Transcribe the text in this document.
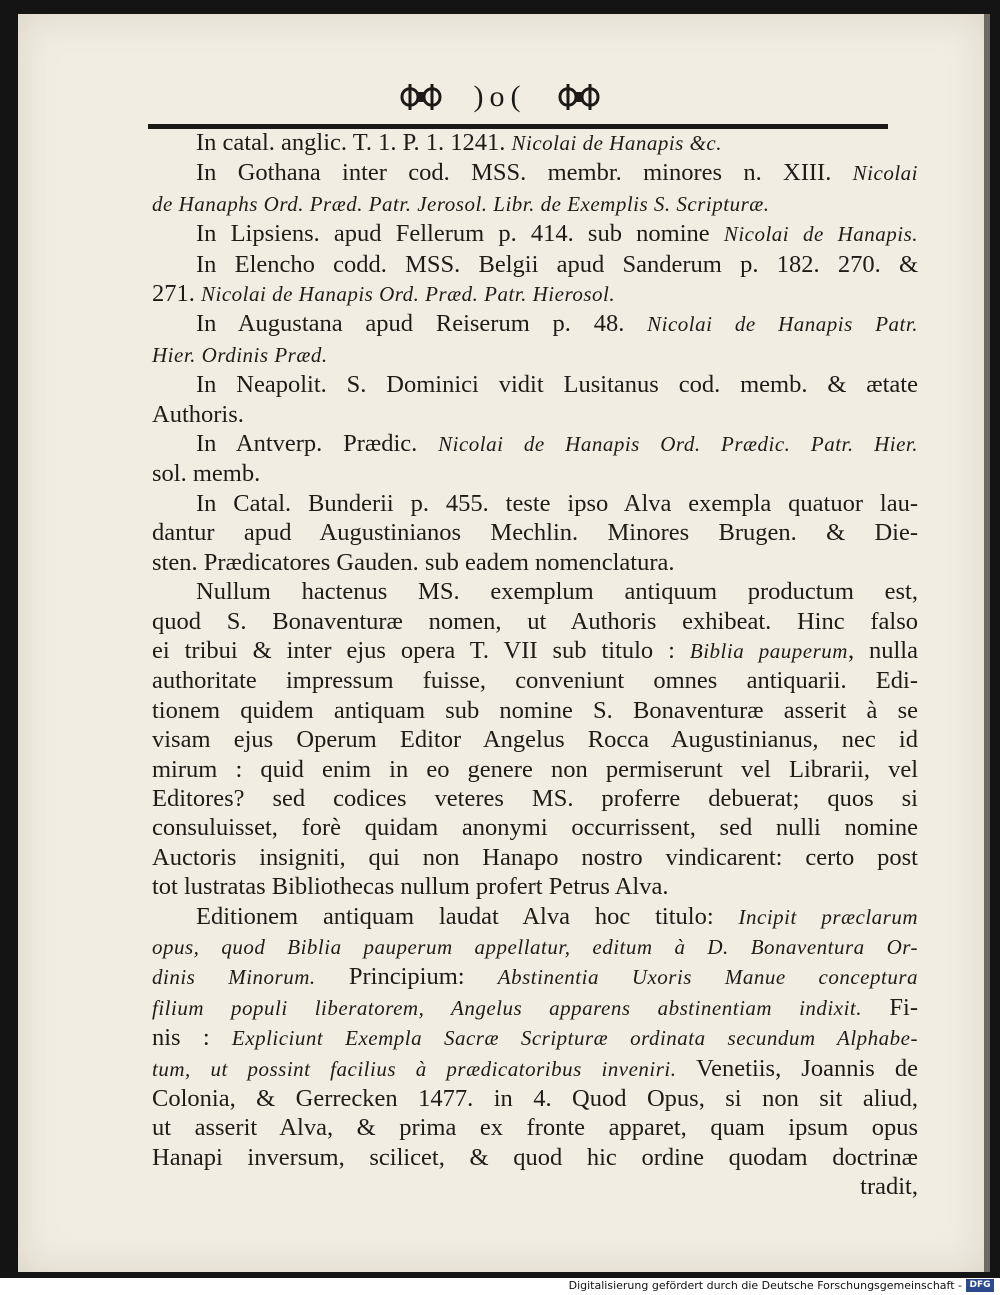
)o(
In catal. anglic. T. 1. P. 1. 1241. Nicolai de Hanapis &c.
In Gothana inter cod. MSS. membr. minores n. XIII. Nicolai
de Hanaphs Ord. Præd. Patr. Jerosol. Libr. de Exemplis S. Scripturæ.
In Lipsiens. apud Fellerum p. 414. sub nomine Nicolai de Hanapis.
In Elencho codd. MSS. Belgii apud Sanderum p. 182. 270. &
271. Nicolai de Hanapis Ord. Præd. Patr. Hierosol.
In Augustana apud Reiserum p. 48. Nicolai de Hanapis Patr.
Hier. Ordinis Præd.
In Neapolit. S. Dominici vidit Lusitanus cod. memb. & ætate
Authoris.
In Antverp. Prædic. Nicolai de Hanapis Ord. Prædic. Patr. Hier.
sol. memb.
In Catal. Bunderii p. 455. teste ipso Alva exempla quatuor lau-
dantur apud Augustinianos Mechlin. Minores Brugen. & Die-
sten. Prædicatores Gauden. sub eadem nomenclatura.
Nullum hactenus MS. exemplum antiquum productum est,
quod S. Bonaventuræ nomen, ut Authoris exhibeat. Hinc falso
ei tribui & inter ejus opera T. VII sub titulo : Biblia pauperum, nulla
authoritate impressum fuisse, conveniunt omnes antiquarii. Edi-
tionem quidem antiquam sub nomine S. Bonaventuræ asserit à se
visam ejus Operum Editor Angelus Rocca Augustinianus, nec id
mirum : quid enim in eo genere non permiserunt vel Librarii, vel
Editores? sed codices veteres MS. proferre debuerat; quos si
consuluisset, forè quidam anonymi occurrissent, sed nulli nomine
Auctoris insigniti, qui non Hanapo nostro vindicarent: certo post
tot lustratas Bibliothecas nullum profert Petrus Alva.
Editionem antiquam laudat Alva hoc titulo: Incipit præclarum
opus, quod Biblia pauperum appellatur, editum à D. Bonaventura Or-
dinis Minorum. Principium: Abstinentia Uxoris Manue conceptura
filium populi liberatorem, Angelus apparens abstinentiam indixit. Fi-
nis : Expliciunt Exempla Sacræ Scripturæ ordinata secundum Alphabe-
tum, ut possint facilius à prædicatoribus inveniri. Venetiis, Joannis de
Colonia, & Gerrecken 1477. in 4. Quod Opus, si non sit aliud,
ut asserit Alva, & prima ex fronte apparet, quam ipsum opus
Hanapi inversum, scilicet, & quod hic ordine quodam doctrinæ
tradit,
Digitalisierung gefördert durch die Deutsche Forschungsgemeinschaft - DFG
